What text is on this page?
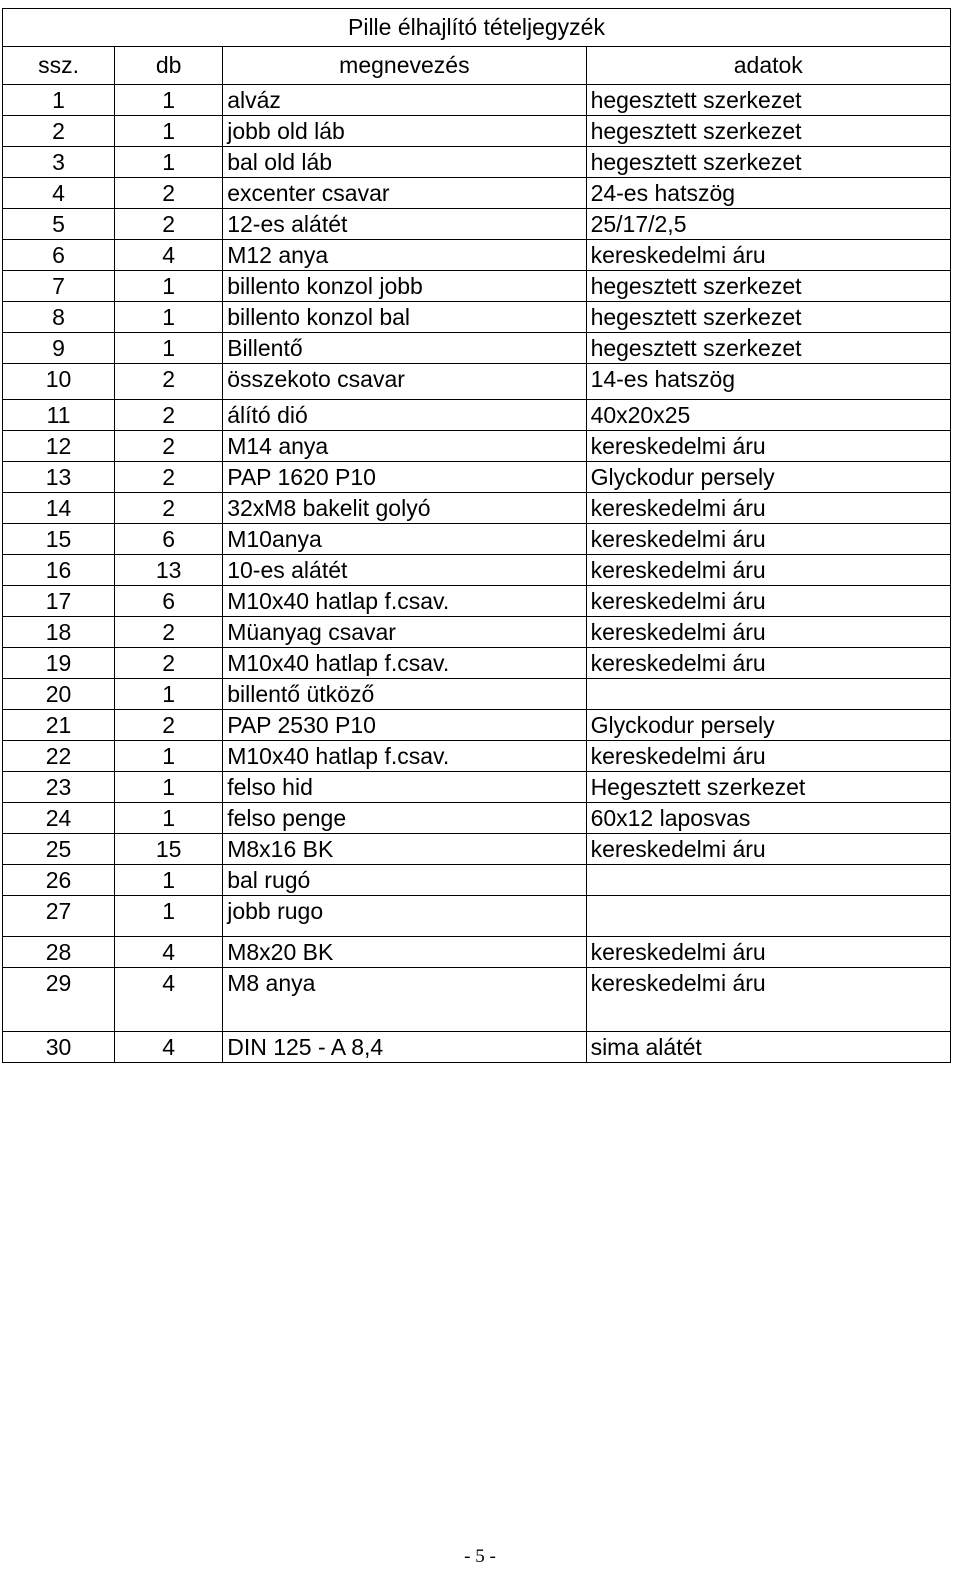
Pille élhajlító tételjegyzék			
ssz.	db	megnevezés	adatok
1	1	alváz	hegesztett szerkezet
2	1	jobb old láb	hegesztett szerkezet
3	1	bal old láb	hegesztett szerkezet
4	2	excenter csavar	24-es hatszög
5	2	12-es alátét	25/17/2,5
6	4	M12 anya	kereskedelmi áru
7	1	billento konzol jobb	hegesztett szerkezet
8	1	billento konzol bal	hegesztett szerkezet
9	1	Billentő	hegesztett szerkezet
10	2	összekoto csavar	14-es hatszög
11	2	álító dió	40x20x25
12	2	M14 anya	kereskedelmi áru
13	2	PAP 1620 P10	Glyckodur persely
14	2	32xM8 bakelit golyó	kereskedelmi áru
15	6	M10anya	kereskedelmi áru
16	13	10-es alátét	kereskedelmi áru
17	6	M10x40 hatlap f.csav.	kereskedelmi áru
18	2	Müanyag csavar	kereskedelmi áru
19	2	M10x40 hatlap f.csav.	kereskedelmi áru
20	1	billentő ütköző	
21	2	PAP 2530 P10	Glyckodur persely
22	1	M10x40 hatlap f.csav.	kereskedelmi áru
23	1	felso hid	Hegesztett szerkezet
24	1	felso penge	60x12 laposvas
25	15	M8x16 BK	kereskedelmi áru
26	1	bal rugó	
27	1	jobb rugo	
28	4	M8x20 BK	kereskedelmi áru
29	4	M8 anya	kereskedelmi áru
30	4	DIN 125 - A 8,4	sima alátét
- 5 -
